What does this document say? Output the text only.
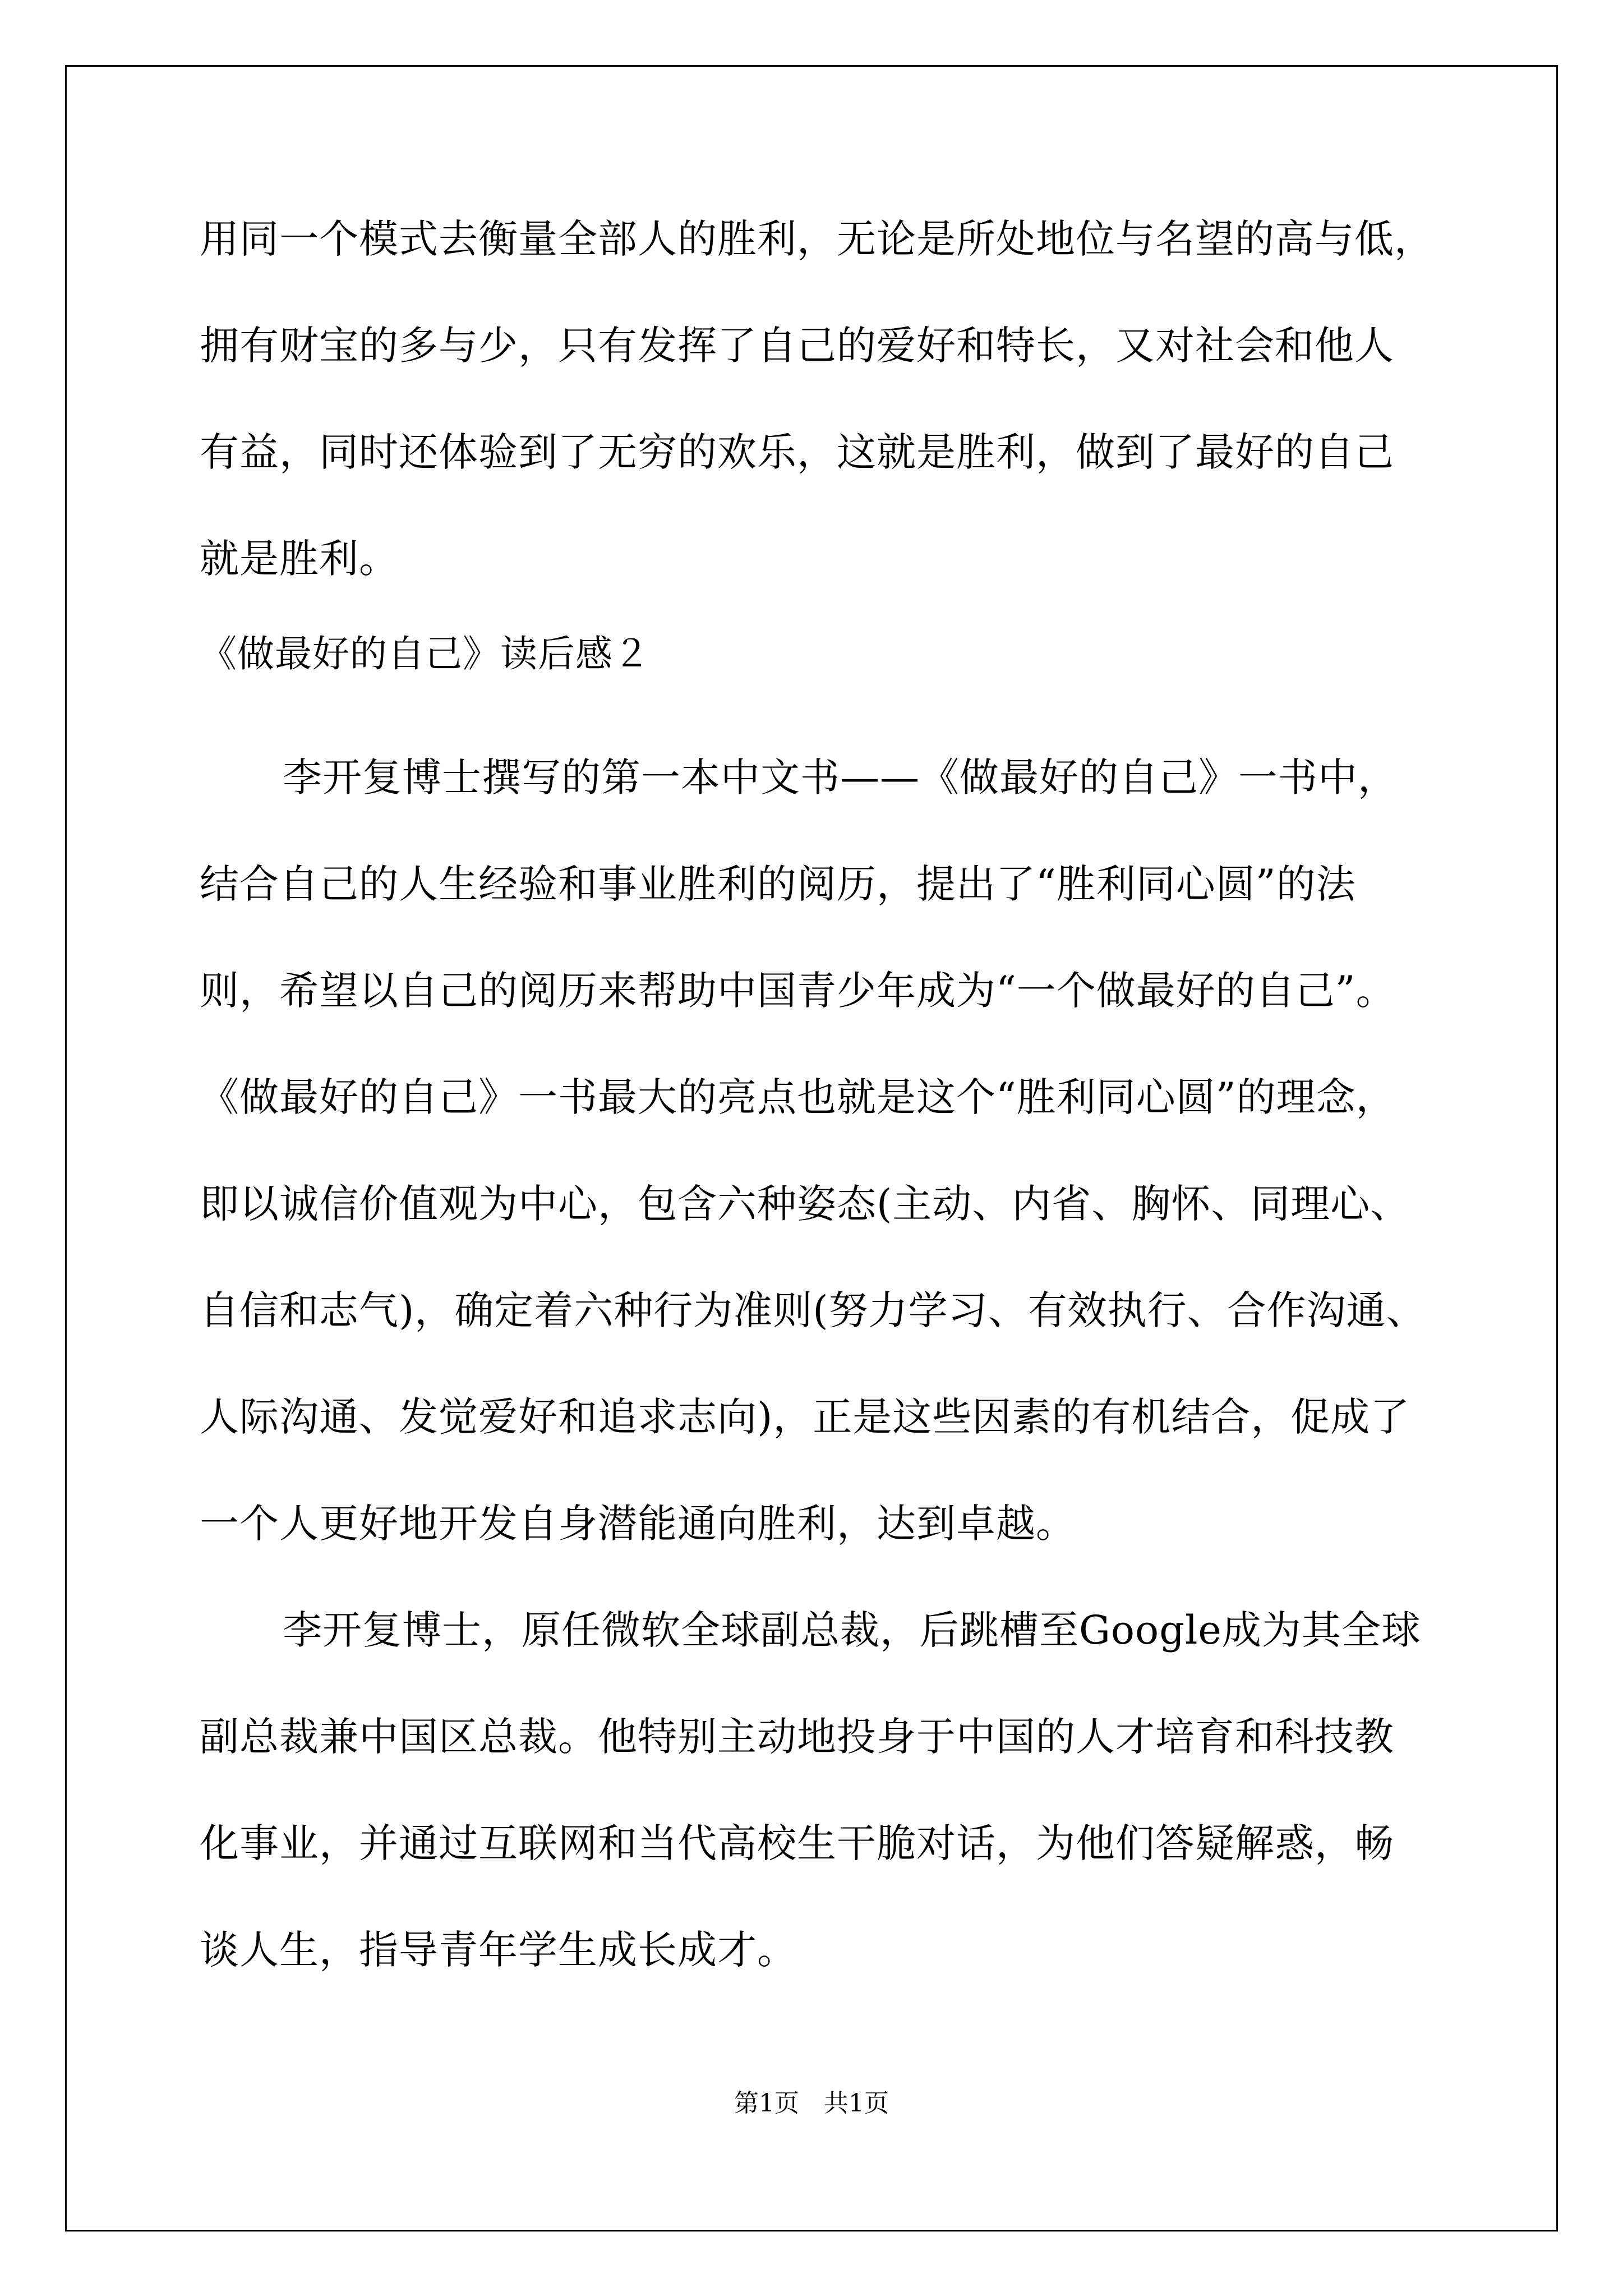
用同一个模式去衡量全部人的胜利，无论是所处地位与名望的高与低，
拥有财宝的多与少，只有发挥了自己的爱好和特长，又对社会和他人
有益，同时还体验到了无穷的欢乐，这就是胜利，做到了最好的自己
就是胜利。
《做最好的自己》读后感２
李开复博士撰写的第一本中文书——《做最好的自己》一书中，
结合自己的人生经验和事业胜利的阅历，提出了“胜利同心圆”的法
则，希望以自己的阅历来帮助中国青少年成为“一个做最好的自己”。
《做最好的自己》一书最大的亮点也就是这个“胜利同心圆”的理念，
即以诚信价值观为中心，包含六种姿态(主动、内省、胸怀、同理心、
自信和志气)，确定着六种行为准则(努力学习、有效执行、合作沟通、
人际沟通、发觉爱好和追求志向)，正是这些因素的有机结合，促成了
一个人更好地开发自身潜能通向胜利，达到卓越。
李开复博士，原任微软全球副总裁，后跳槽至Google成为其全球
副总裁兼中国区总裁。他特别主动地投身于中国的人才培育和科技教
化事业，并通过互联网和当代高校生干脆对话，为他们答疑解惑，畅
谈人生，指导青年学生成长成才。
第1页　共1页
